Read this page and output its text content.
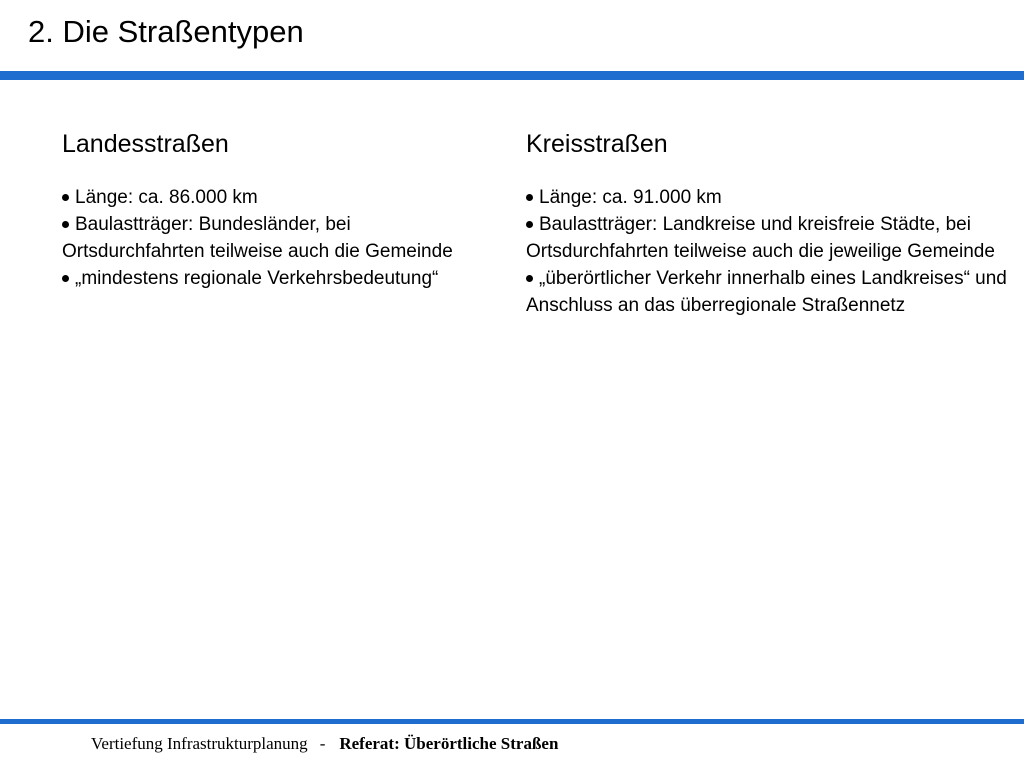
2. Die Straßentypen
Landesstraßen
Länge: ca. 86.000 km
Baulastträger: Bundesländer, bei Ortsdurchfahrten teilweise auch die Gemeinde
„mindestens regionale Verkehrsbedeutung“
Kreisstraßen
Länge: ca. 91.000 km
Baulastträger: Landkreise und kreisfreie Städte, bei Ortsdurchfahrten teilweise auch die jeweilige Gemeinde
„überörtlicher Verkehr innerhalb eines Landkreises“ und Anschluss an das überregionale Straßennetz
Vertiefung Infrastrukturplanung - Referat: Überörtliche Straßen
